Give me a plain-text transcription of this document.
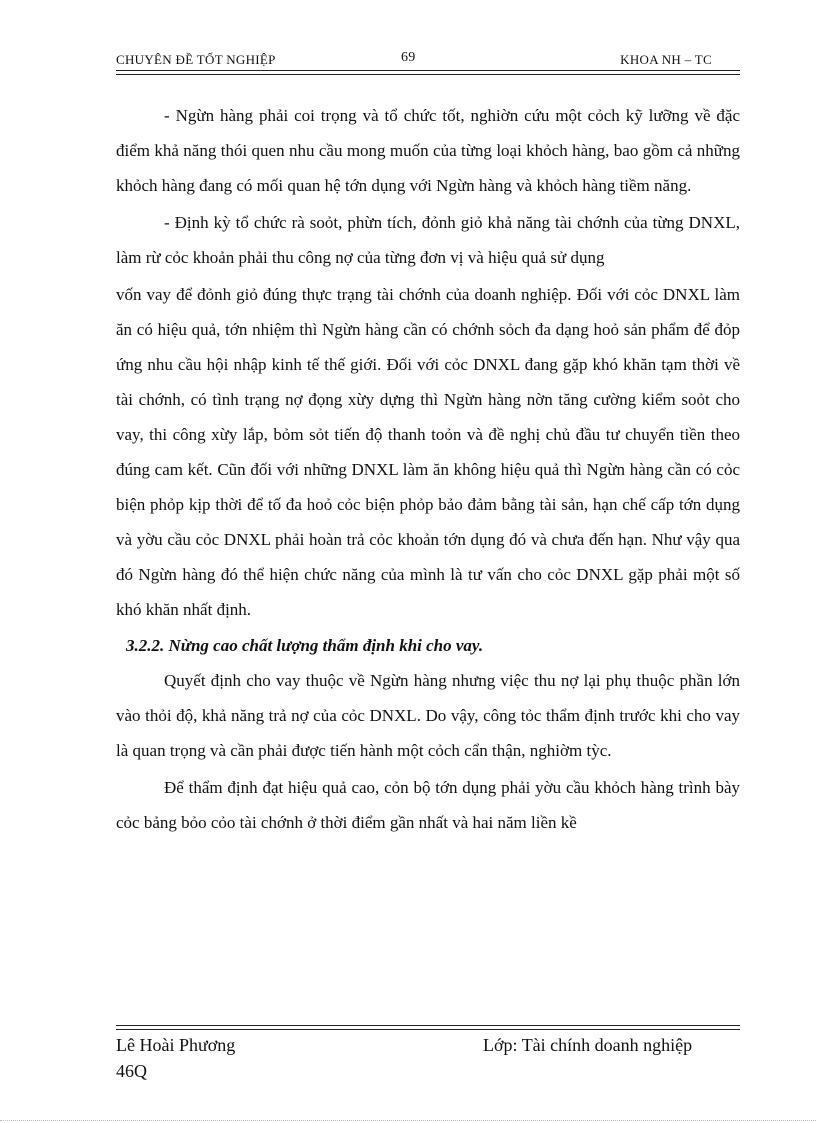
CHUYÊN ĐỀ TỐT NGHIỆP	69	KHOA NH – TC

- Ngừn hàng phải coi trọng và tổ chức tốt, nghiờn cứu một cỏch kỹ lưỡng về đặc điểm khả năng thói quen nhu cầu mong muốn của từng loại khỏch hàng, bao gồm cả những khỏch hàng đang có mối quan hệ tớn dụng với Ngừn hàng và khỏch hàng tiềm năng.

- Định kỳ tổ chức rà soỏt, phừn tích, đỏnh giỏ khả năng tài chớnh của từng DNXL, làm rừ cỏc khoản phải thu công nợ của từng đơn vị và hiệu quả sử dụng

vốn vay để đỏnh giỏ đúng thực trạng tài chớnh của doanh nghiệp. Đối với cỏc DNXL làm ăn có hiệu quả, tớn nhiệm thì Ngừn hàng cần có chớnh sỏch đa dạng hoỏ sản phẩm để đỏp ứng nhu cầu hội nhập kinh tế thế giới. Đối với cỏc DNXL đang gặp khó khăn tạm thời về tài chớnh, có tình trạng nợ đọng xừy dựng thì Ngừn hàng nờn tăng cường kiểm soỏt cho vay, thi công xừy lắp, bỏm sỏt tiến độ thanh toỏn và đề nghị chủ đầu tư chuyển tiền theo đúng cam kết. Cũn đối với những DNXL làm ăn không hiệu quả thì Ngừn hàng cần có cỏc biện phỏp kịp thời để tố đa hoỏ cỏc biện phỏp bảo đảm bằng tài sản, hạn chế cấp tớn dụng và yờu cầu cỏc DNXL phải hoàn trả cỏc khoản tớn dụng đó và chưa đến hạn. Như vậy qua đó Ngừn hàng đó thể hiện chức năng của mình là tư vấn cho cỏc DNXL gặp phải một số khó khăn nhất định.

3.2.2. Nừng cao chất lượng thẩm định khi cho vay.

Quyết định cho vay thuộc về Ngừn hàng nhưng việc thu nợ lại phụ thuộc phần lớn vào thỏi độ, khả năng trả nợ của cỏc DNXL. Do vậy, công tỏc thẩm định trước khi cho vay là quan trọng và cần phải được tiến hành một cỏch cẩn thận, nghiờm tỳc.

Để thẩm định đạt hiệu quả cao, cỏn bộ tớn dụng phải yờu cầu khỏch hàng trình bày cỏc bảng bỏo cỏo tài chớnh ở thời điểm gần nhất và hai năm liền kề

Lê Hoài Phương
46Q
Lớp: Tài chính doanh nghiệp
